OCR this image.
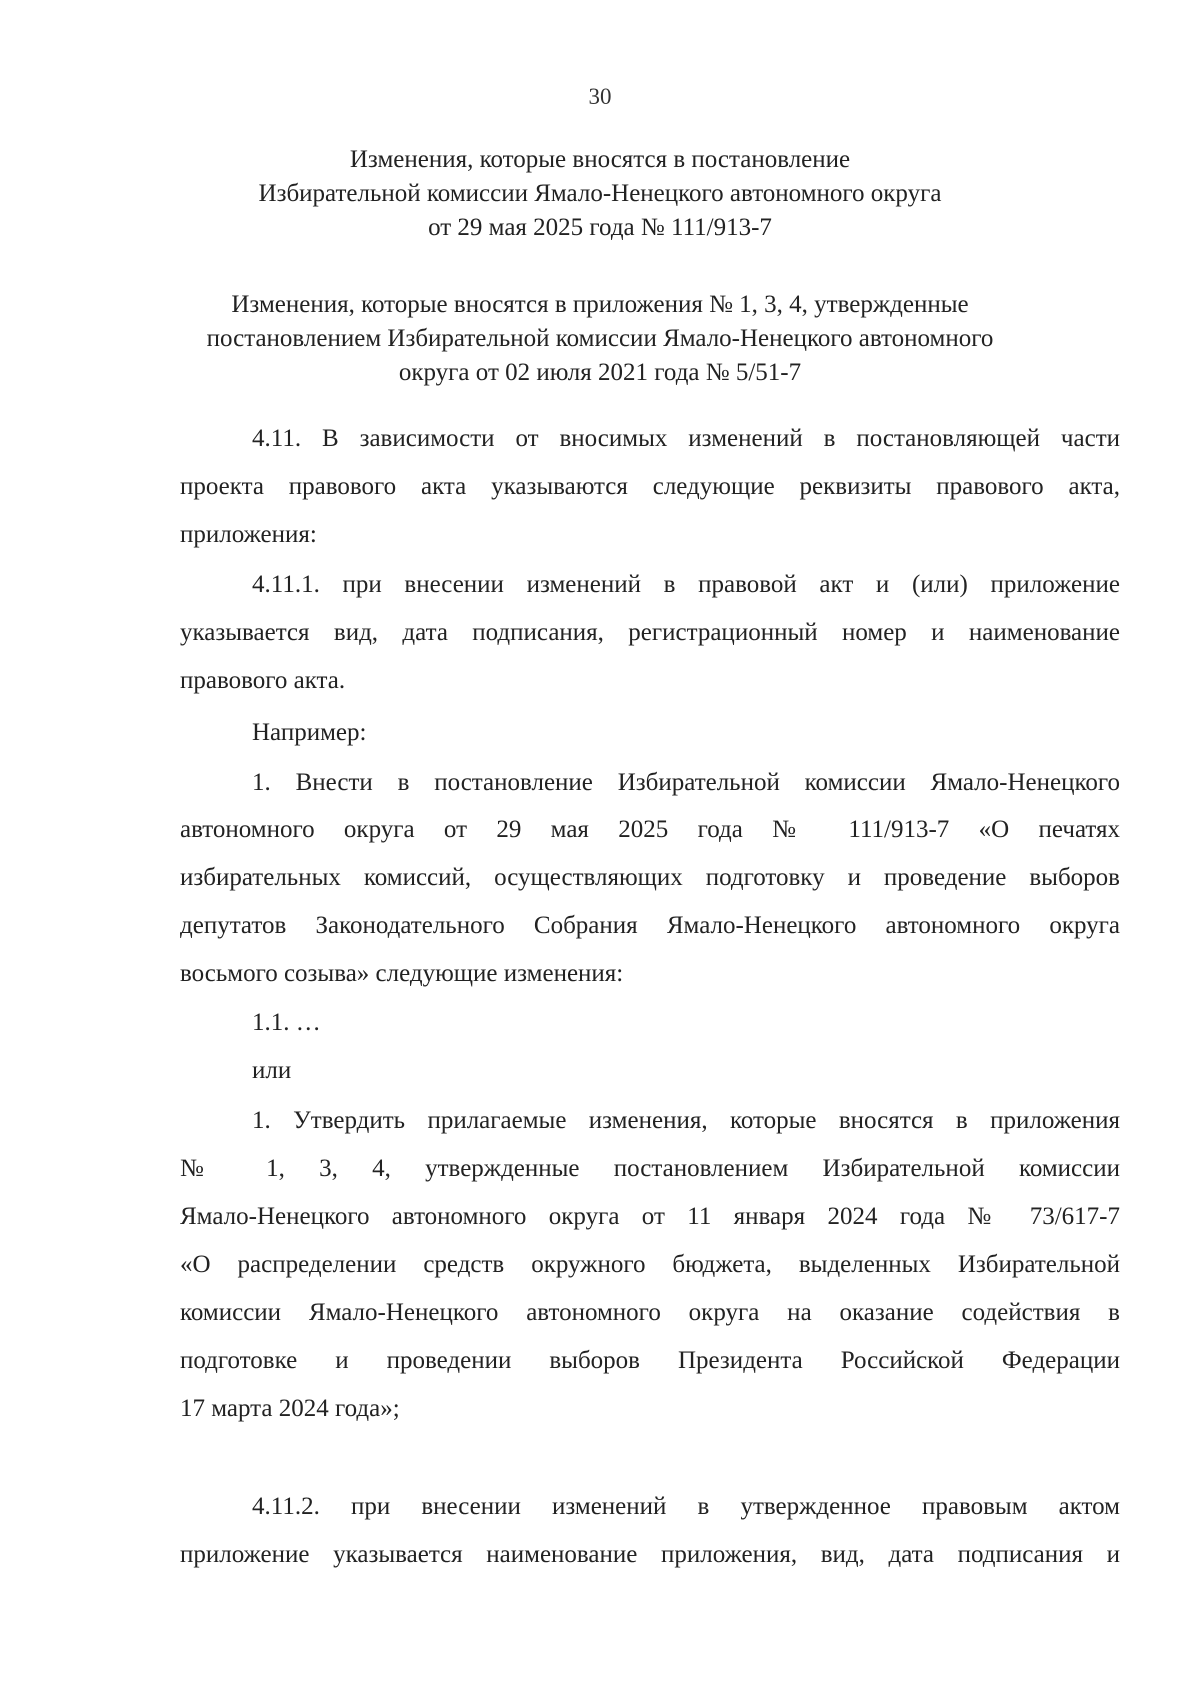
30
Изменения, которые вносятся в постановление
Избирательной комиссии Ямало-Ненецкого автономного округа
от 29 мая 2025 года № 111/913-7
Изменения, которые вносятся в приложения № 1, 3, 4, утвержденные
постановлением Избирательной комиссии Ямало-Ненецкого автономного
округа от 02 июля 2021 года № 5/51-7
4.11. В зависимости от вносимых изменений в постановляющей части
проекта правового акта указываются следующие реквизиты правового акта,
приложения:
4.11.1. при внесении изменений в правовой акт и (или) приложение
указывается вид, дата подписания, регистрационный номер и наименование
правового акта.
Например:
1. Внести в постановление Избирательной комиссии Ямало-Ненецкого
автономного округа от 29 мая 2025 года № 111/913-7 «О печатях
избирательных комиссий, осуществляющих подготовку и проведение выборов
депутатов Законодательного Собрания Ямало-Ненецкого автономного округа
восьмого созыва» следующие изменения:
1.1. …
или
1. Утвердить прилагаемые изменения, которые вносятся в приложения
№ 1, 3, 4, утвержденные постановлением Избирательной комиссии
Ямало-Ненецкого автономного округа от 11 января 2024 года № 73/617-7
«О распределении средств окружного бюджета, выделенных Избирательной
комиссии Ямало-Ненецкого автономного округа на оказание содействия в
подготовке и проведении выборов Президента Российской Федерации
17 марта 2024 года»;
4.11.2. при внесении изменений в утвержденное правовым актом
приложение указывается наименование приложения, вид, дата подписания и
